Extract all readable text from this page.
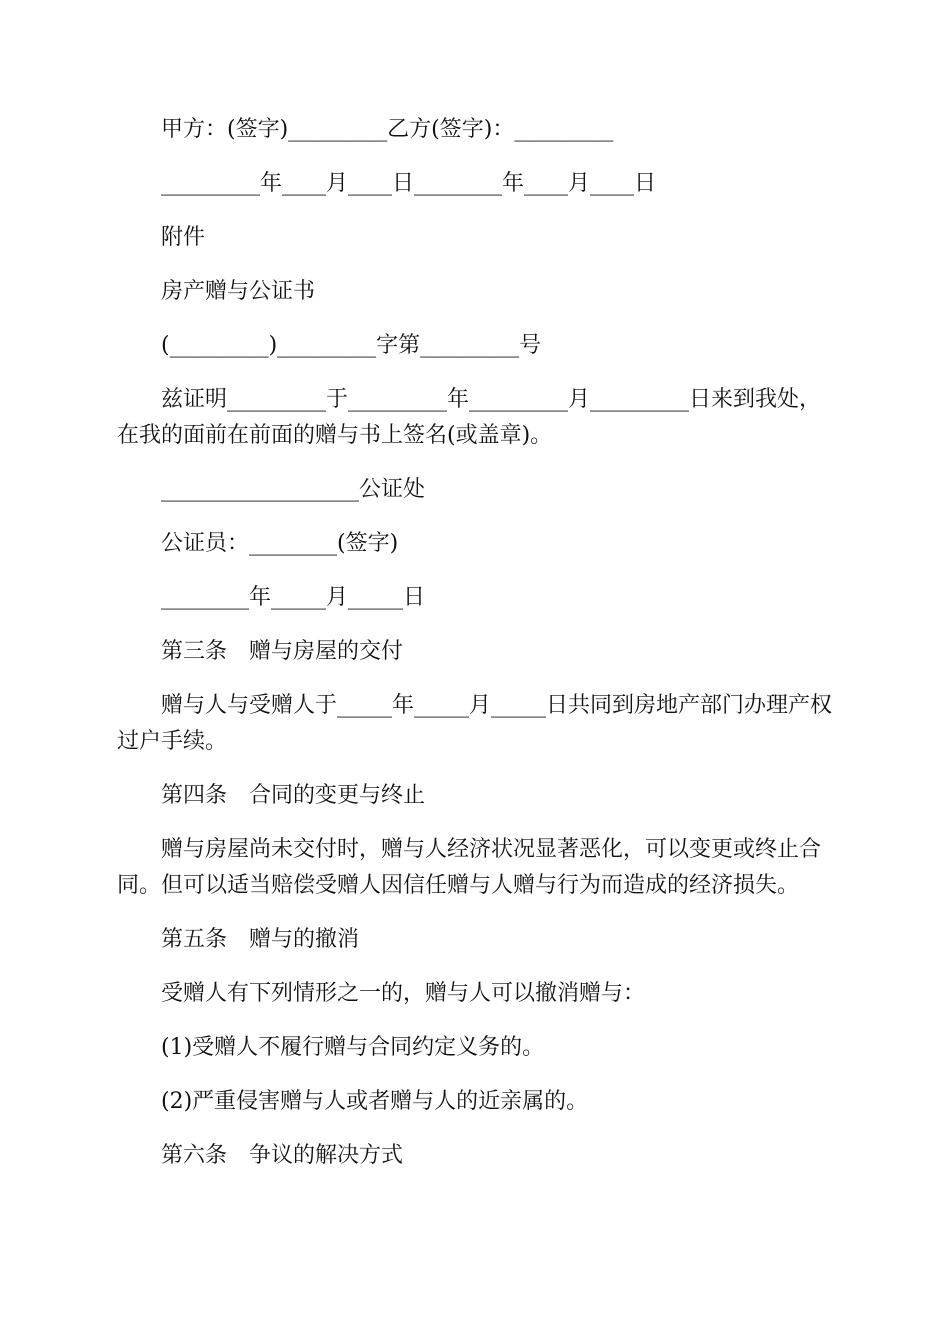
甲方：(签字)_________乙方(签字)：_________

_________年____月____日________年____月____日

附件

房产赠与公证书

(_________)_________字第_________号

兹证明_________于_________年_________月_________日来到我处，在我的面前在前面的赠与书上签名(或盖章)。

__________________公证处

公证员：________(签字)

________年_____月_____日

第三条　赠与房屋的交付

赠与人与受赠人于_____年_____月_____日共同到房地产部门办理产权过户手续。

第四条　合同的变更与终止

赠与房屋尚未交付时，赠与人经济状况显著恶化，可以变更或终止合同。但可以适当赔偿受赠人因信任赠与人赠与行为而造成的经济损失。

第五条　赠与的撤消

受赠人有下列情形之一的，赠与人可以撤消赠与：

(1)受赠人不履行赠与合同约定义务的。

(2)严重侵害赠与人或者赠与人的近亲属的。

第六条　争议的解决方式
